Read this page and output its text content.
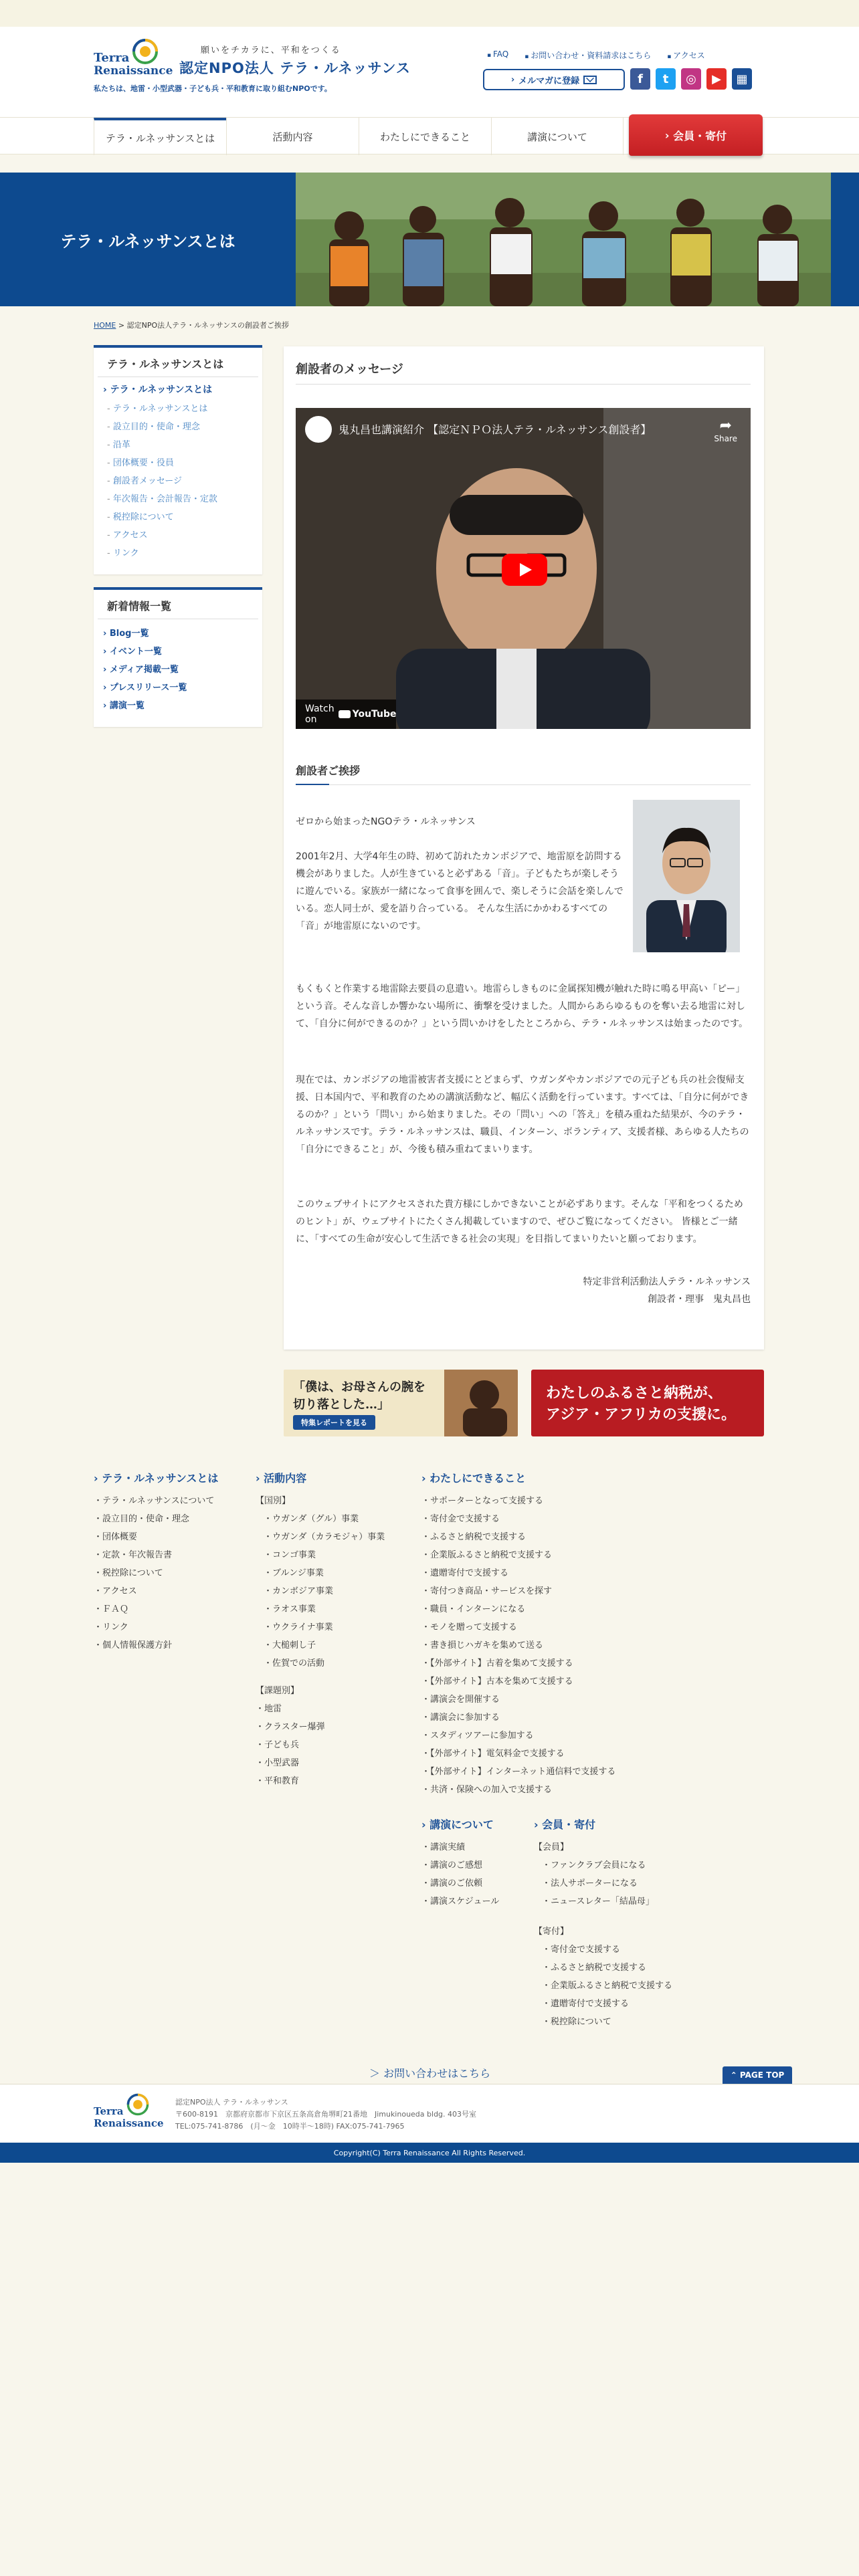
Terra
Renaissance
願いをチカラに、平和をつくる
認定NPO法人 テラ・ルネッサンス
私たちは、地雷・小型武器・子ども兵・平和教育に取り組むNPOです。
▪ FAQ	▪ お問い合わせ・資料請求はこちら	▪ アクセス
› メルマガに登録	f	t	◎	▶	▦
テラ・ルネッサンスとは	活動内容	わたしにできること	講演について	› 会員・寄付
テラ・ルネッサンスとは
HOME > 認定NPO法人テラ・ルネッサンスの創設者ご挨拶
テラ・ルネッサンスとは
› テラ・ルネッサンスとは
- テラ・ルネッサンスとは
- 設立目的・使命・理念
- 沿革
- 団体概要・役員
- 創設者メッセージ
- 年次報告・会計報告・定款
- 税控除について
- アクセス
- リンク
新着情報一覧
› Blog一覧
› イベント一覧
› メディア掲載一覧
› プレスリリース一覧
› 講演一覧
創設者のメッセージ
鬼丸昌也講演紹介 【認定ＮＰＯ法人テラ・ルネッサンス創設者】	➦
Share
Watch on	YouTube
創設者ご挨拶

ゼロから始まったNGOテラ・ルネッサンス

2001年2月、大学4年生の時、初めて訪れたカンボジアで、地雷原を訪問する機会がありました。人が生きていると必ずある「音」。子どもたちが楽しそうに遊んでいる。家族が一緒になって食事を囲んで、楽しそうに会話を楽しんでいる。恋人同士が、愛を語り合っている。 そんな生活にかかわるすべての「音」が地雷原にないのです。

もくもくと作業する地雷除去要員の息遣い。地雷らしきものに金属探知機が触れた時に鳴る甲高い「ピー」という音。そんな音しか響かない場所に、衝撃を受けました。人間からあらゆるものを奪い去る地雷に対して、「自分に何ができるのか？」という問いかけをしたところから、テラ・ルネッサンスは始まったのです。

現在では、カンボジアの地雷被害者支援にとどまらず、ウガンダやカンボジアでの元子ども兵の社会復帰支援、日本国内で、平和教育のための講演活動など、幅広く活動を行っています。すべては、「自分に何ができるのか？」という「問い」から始まりました。その「問い」への「答え」を積み重ねた結果が、今のテラ・ルネッサンスです。テラ・ルネッサンスは、職員、インターン、ボランティア、支援者様、あらゆる人たちの「自分にできること」が、今後も積み重ねてまいります。

このウェブサイトにアクセスされた貴方様にしかできないことが必ずあります。そんな「平和をつくるためのヒント」が、ウェブサイトにたくさん掲載していますので、ぜひご覧になってください。 皆様とご一緒に、「すべての生命が安心して生活できる社会の実現」を目指してまいりたいと願っております。

特定非営利活動法人テラ・ルネッサンス
創設者・理事　鬼丸昌也
「僕は、お母さんの腕を
切り落とした…」
特集レポートを見る
わたしのふるさと納税が、
アジア・アフリカの支援に。
› テラ・ルネッサンスとは
・ テラ・ルネッサンスについて
・ 設立目的・使命・理念
・ 団体概要
・ 定款・年次報告書
・ 税控除について
・ アクセス
・ ＦＡＱ
・ リンク
・ 個人情報保護方針
› 活動内容
【国別】
・ ウガンダ（グル）事業
・ ウガンダ（カラモジャ）事業
・ コンゴ事業
・ ブルンジ事業
・ カンボジア事業
・ ラオス事業
・ ウクライナ事業
・ 大槌刺し子
・ 佐賀での活動
【課題別】
・ 地雷
・ クラスター爆弾
・ 子ども兵
・ 小型武器
・ 平和教育
› わたしにできること
・ サポーターとなって支援する
・ 寄付金で支援する
・ ふるさと納税で支援する
・ 企業版ふるさと納税で支援する
・ 遺贈寄付で支援する
・ 寄付つき商品・サービスを探す
・ 職員・インターンになる
・ モノを贈って支援する
・ 書き損じハガキを集めて送る
・ 【外部サイト】古着を集めて支援する
・ 【外部サイト】古本を集めて支援する
・ 講演会を開催する
・ 講演会に参加する
・ スタディツアーに参加する
・ 【外部サイト】電気料金で支援する
・ 【外部サイト】インターネット通信料で支援する
・ 共済・保険への加入で支援する
› 講演について
・ 講演実績
・ 講演のご感想
・ 講演のご依頼
・ 講演スケジュール
› 会員・寄付
【会員】
・ ファンクラブ会員になる
・ 法人サポーターになる
・ ニュースレター「結晶母」
【寄付】
・ 寄付金で支援する
・ ふるさと納税で支援する
・ 企業版ふるさと納税で支援する
・ 遺贈寄付で支援する
・ 税控除について
＞ お問い合わせはこちら	⌃ PAGE TOP
Terra
Renaissance
認定NPO法人 テラ・ルネッサンス
〒600-8191　京都府京都市下京区五条高倉角堺町21番地　Jimukinoueda bldg. 403号室
TEL:075-741-8786　(月〜金　10時半〜18時) FAX:075-741-7965
Copyright(C) Terra Renaissance All Rights Reserved.
